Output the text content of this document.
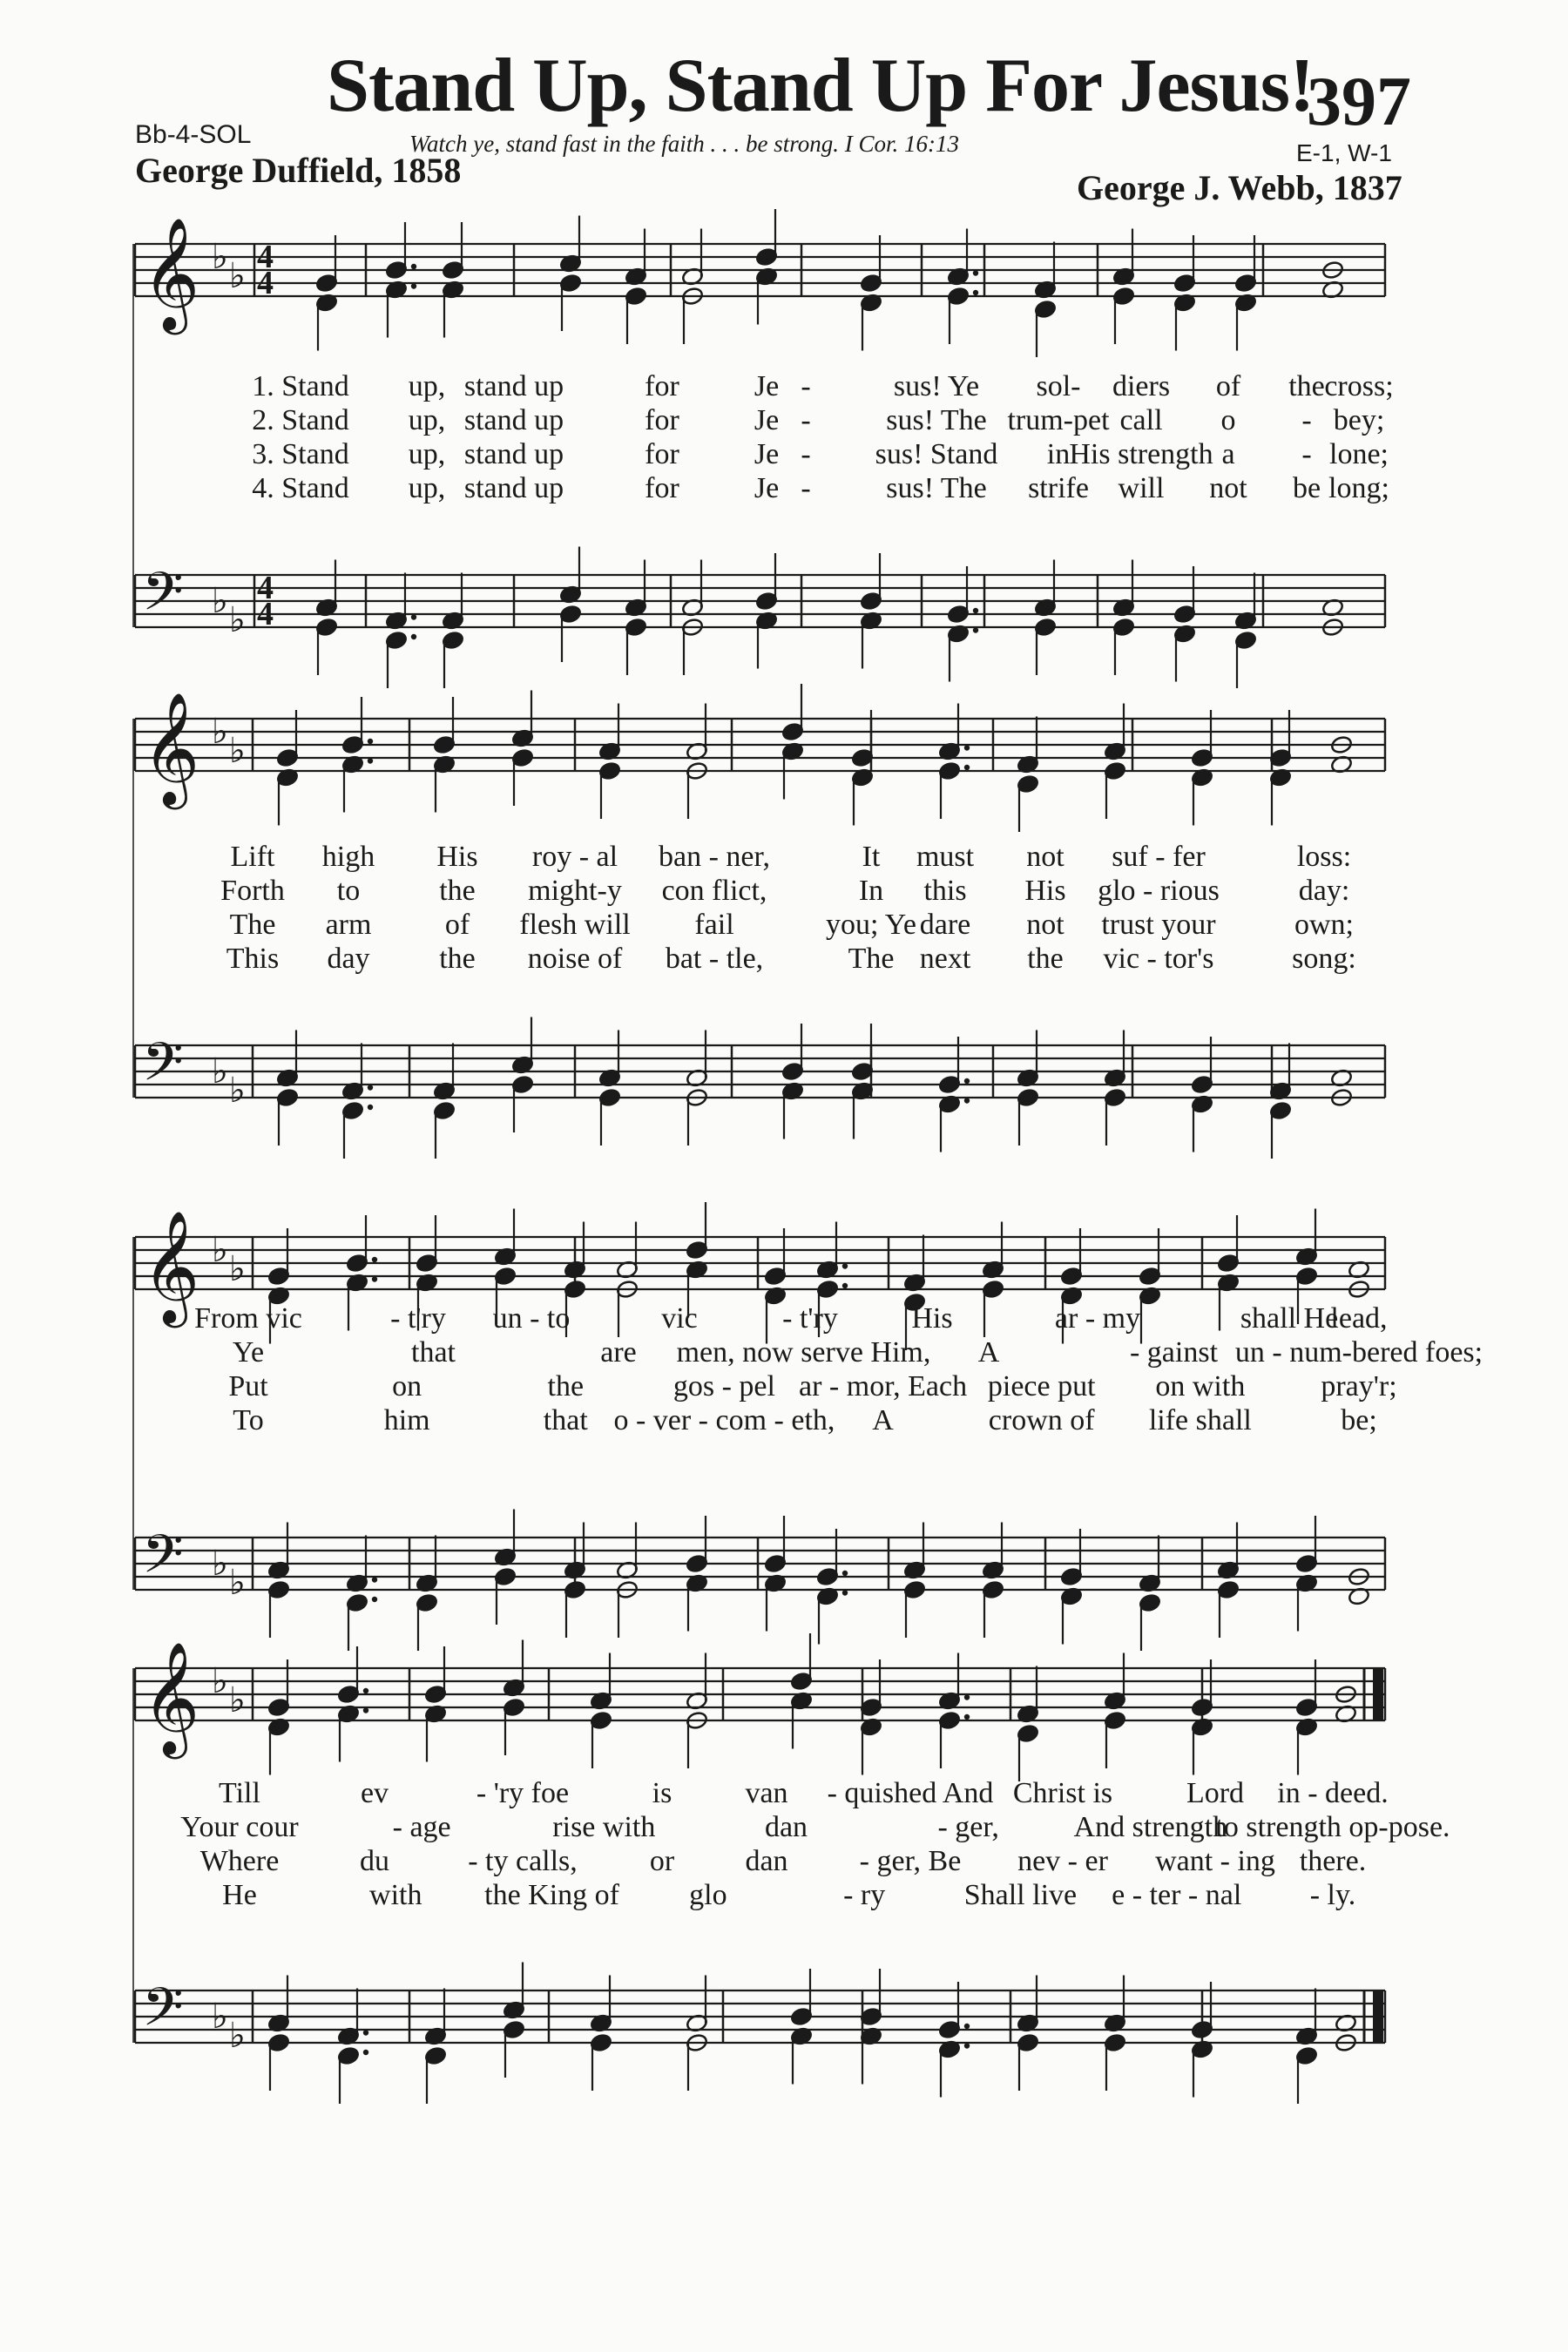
Stand Up, Stand Up For Jesus!
397
Bb-4-SOL	Watch ye, stand fast in the faith . . . be strong. I Cor. 16:13	E-1, W-1
George Duffield, 1858	George J. Webb, 1837
𝄞 ♭ ♭
𝄢 ♭ ♭
4
4
4
4
𝄞 ♭ ♭
𝄢 ♭ ♭
𝄞 ♭ ♭
𝄢 ♭ ♭
𝄞 ♭ ♭
𝄢 ♭ ♭
1. Stand up, stand up	for	Je -	sus! Ye sol- diers of the cross;
2. Stand up, stand up	for	Je -	sus! The trum-pet call o - bey;
3. Stand up, stand up	for	Je - sus! Stand in His strength a - lone;
4. Stand up, stand up	for	Je -	sus! The strife will not be long;
Lift high His roy - al ban - ner,	It must not suf - fer	loss:
Forth to	the might-y con flict,	In this His glo - rious	day:
The arm of flesh will fail	you; Ye dare not trust your	own;
This day the noise of bat - tle,	The next the vic - tor's	song:
From vic	- t'ry un - to	vic	- t'ry His	ar - my	shall He
lead,
Ye	that	are men, now serve Him, A	- gainst un - num-bered foes;
Put	on	the	gos - pel ar - mor, Each piece put on with	pray'r;
To	him	that o - ver - com - eth, A	crown of life shall	be;
Till	ev	- 'ry foe	is van - quished And Christ is Lord in - deed.
Your cour	- age	rise with	dan	- ger,	And strength
to strength op-pose.
Where	du	- ty calls, or dan - ger, Be nev - er want - ing there.
He	with the King of glo	- ry	Shall live e - ter - nal - ly.
